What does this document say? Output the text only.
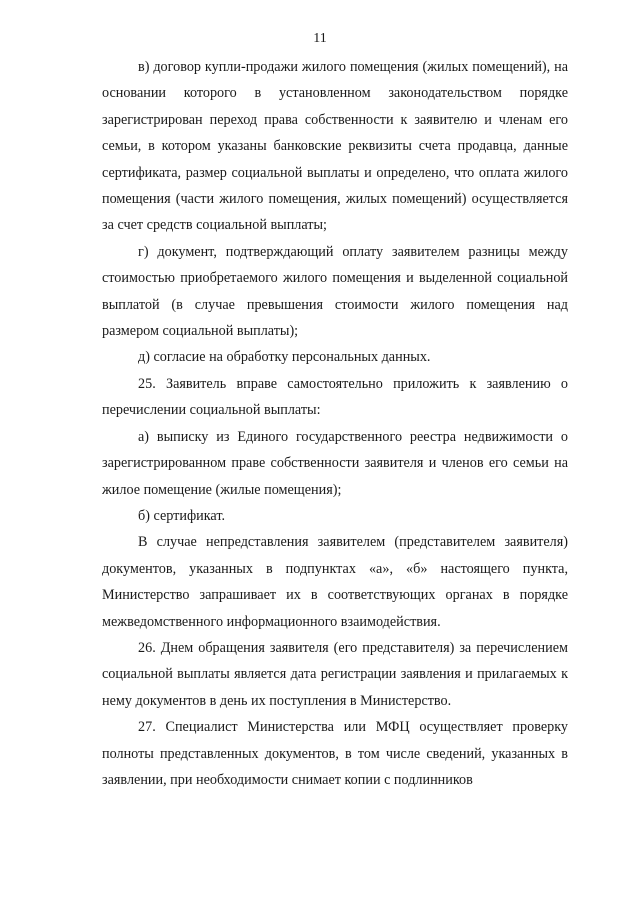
11

в) договор купли-продажи жилого помещения (жилых помещений), на основании которого в установленном законодательством порядке зарегистрирован переход права собственности к заявителю и членам его семьи, в котором указаны банковские реквизиты счета продавца, данные сертификата, размер социальной выплаты и определено, что оплата жилого помещения (части жилого помещения, жилых помещений) осуществляется за счет средств социальной выплаты;

г) документ, подтверждающий оплату заявителем разницы между стоимостью приобретаемого жилого помещения и выделенной социальной выплатой (в случае превышения стоимости жилого помещения над размером социальной выплаты);

д) согласие на обработку персональных данных.

25. Заявитель вправе самостоятельно приложить к заявлению о перечислении социальной выплаты:

а) выписку из Единого государственного реестра недвижимости о зарегистрированном праве собственности заявителя и членов его семьи на жилое помещение (жилые помещения);

б) сертификат.

В случае непредставления заявителем (представителем заявителя) документов, указанных в подпунктах «а», «б» настоящего пункта, Министерство запрашивает их в соответствующих органах в порядке межведомственного информационного взаимодействия.

26. Днем обращения заявителя (его представителя) за перечислением социальной выплаты является дата регистрации заявления и прилагаемых к нему документов в день их поступления в Министерство.

27. Специалист Министерства или МФЦ осуществляет проверку полноты представленных документов, в том числе сведений, указанных в заявлении, при необходимости снимает копии с подлинников
